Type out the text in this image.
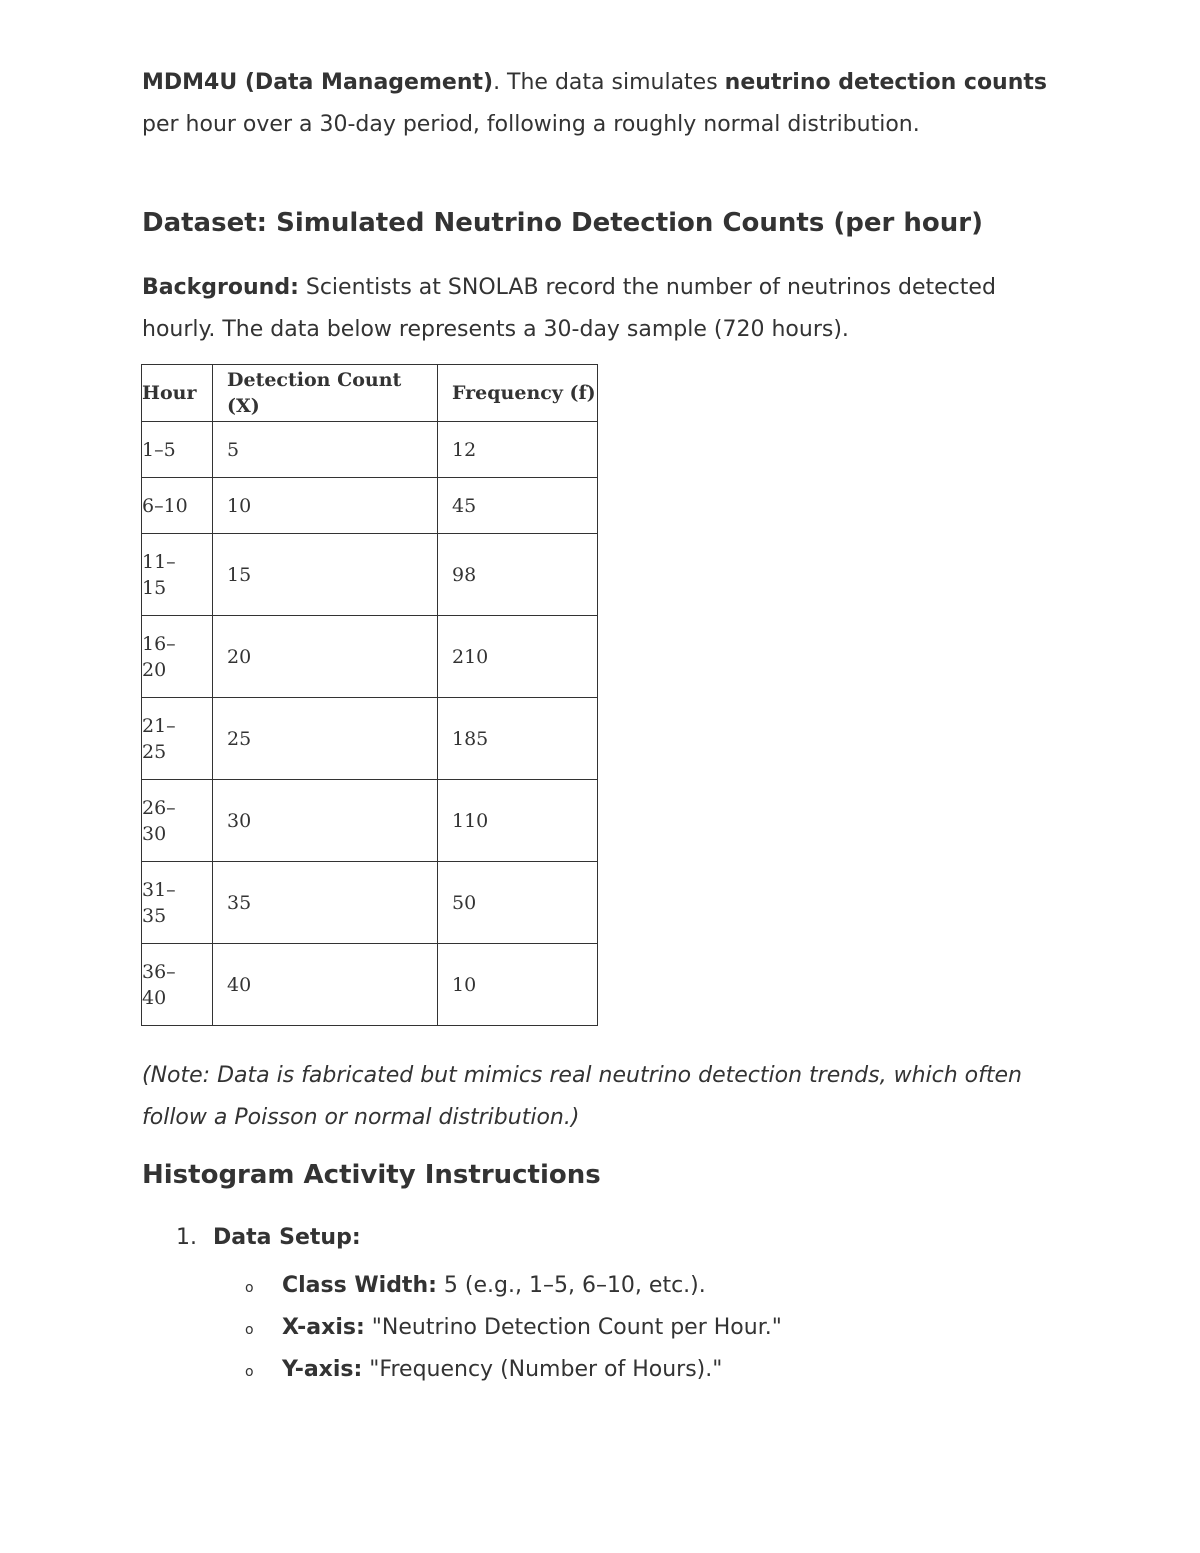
MDM4U (Data Management). The data simulates neutrino detection counts per hour over a 30-day period, following a roughly normal distribution.

Dataset: Simulated Neutrino Detection Counts (per hour)

Background: Scientists at SNOLAB record the number of neutrinos detected hourly. The data below represents a 30-day sample (720 hours).

Hour	Detection Count (X)	Frequency (f)
1–5	5	12
6–10	10	45
11–
15	15	98
16–
20	20	210
21–
25	25	185
26–
30	30	110
31–
35	35	50
36–
40	40	10

(Note: Data is fabricated but mimics real neutrino detection trends, which often follow a Poisson or normal distribution.)

Histogram Activity Instructions
1. Data Setup:
o Class Width: 5 (e.g., 1–5, 6–10, etc.).
o X-axis: "Neutrino Detection Count per Hour."
o Y-axis: "Frequency (Number of Hours)."
